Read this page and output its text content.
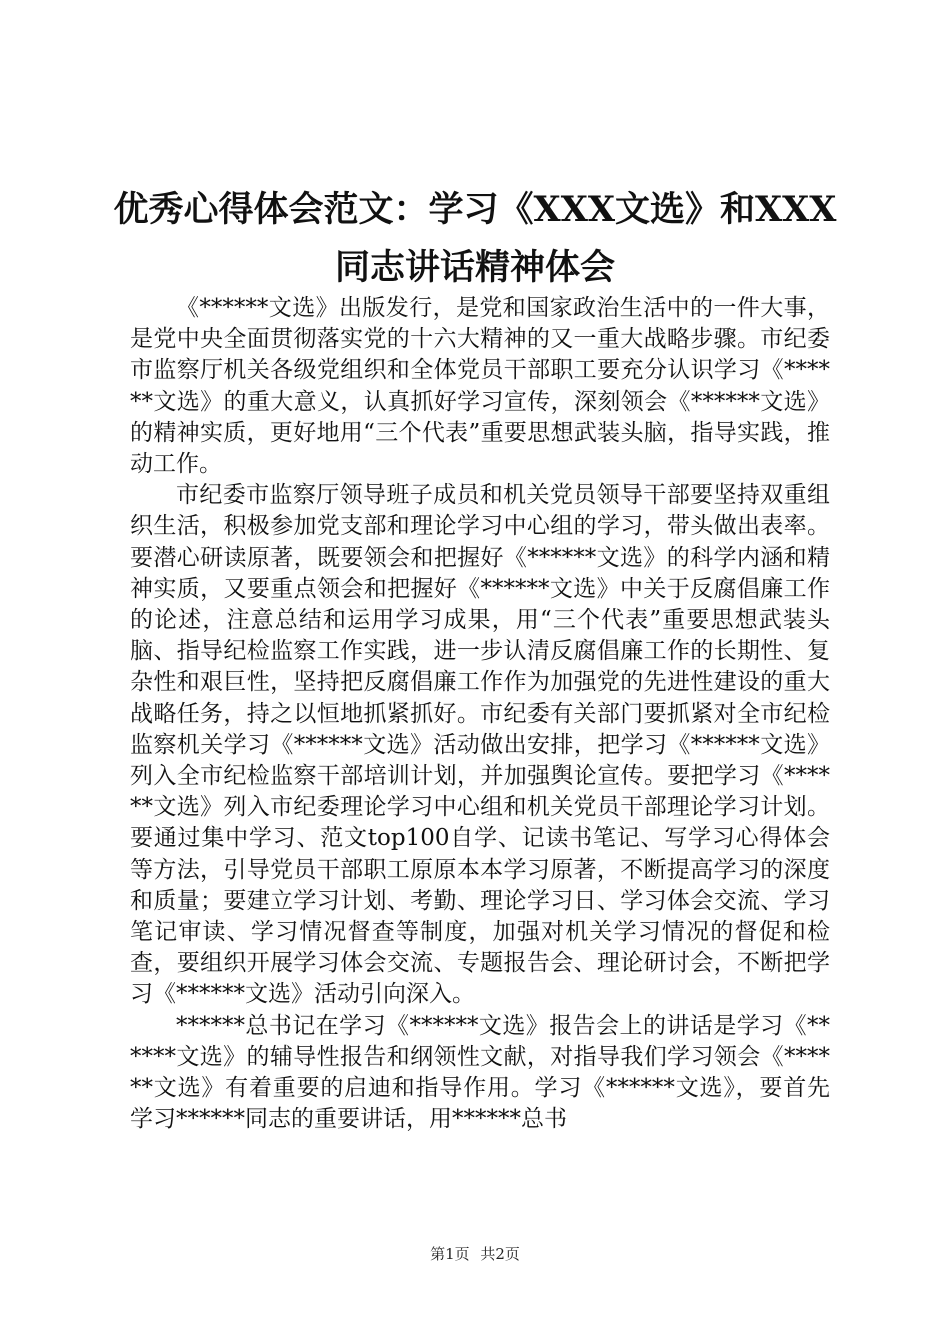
优秀心得体会范文：学习《XXX文选》和XXX
同志讲话精神体会

《******文选》出版发行，是党和国家政治生活中的一件大事，是党中央全面贯彻落实党的十六大精神的又一重大战略步骤。市纪委市监察厅机关各级党组织和全体党员干部职工要充分认识学习《******文选》的重大意义，认真抓好学习宣传，深刻领会《******文选》的精神实质，更好地用“三个代表”重要思想武装头脑，指导实践，推动工作。

市纪委市监察厅领导班子成员和机关党员领导干部要坚持双重组织生活，积极参加党支部和理论学习中心组的学习，带头做出表率。要潜心研读原著，既要领会和把握好《******文选》的科学内涵和精神实质，又要重点领会和把握好《******文选》中关于反腐倡廉工作的论述，注意总结和运用学习成果，用“三个代表”重要思想武装头脑、指导纪检监察工作实践，进一步认清反腐倡廉工作的长期性、复杂性和艰巨性，坚持把反腐倡廉工作作为加强党的先进性建设的重大战略任务，持之以恒地抓紧抓好。市纪委有关部门要抓紧对全市纪检监察机关学习《******文选》活动做出安排，把学习《******文选》列入全市纪检监察干部培训计划，并加强舆论宣传。要把学习《******文选》列入市纪委理论学习中心组和机关党员干部理论学习计划。要通过集中学习、范文top100自学、记读书笔记、写学习心得体会等方法，引导党员干部职工原原本本学习原著，不断提高学习的深度和质量；要建立学习计划、考勤、理论学习日、学习体会交流、学习笔记审读、学习情况督查等制度，加强对机关学习情况的督促和检查，要组织开展学习体会交流、专题报告会、理论研讨会，不断把学习《******文选》活动引向深入。

******总书记在学习《******文选》报告会上的讲话是学习《******文选》的辅导性报告和纲领性文献，对指导我们学习领会《******文选》有着重要的启迪和指导作用。学习《******文选》，要首先学习******同志的重要讲话，用******总书

第1页 共2页
